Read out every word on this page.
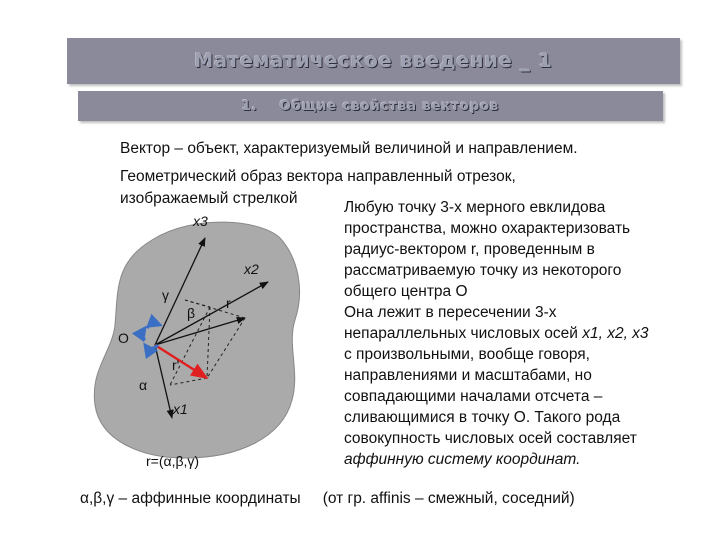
Математическое введение _ 1
1.
Общие свойства векторов
Вектор – объект, характеризуемый величиной и направлением.
Геометрический образ вектора направленный отрезок,
изображаемый стрелкой
x3
x2
x1
О
r
r'
α
β
γ
r=(α,β,γ)
Любую точку 3-х мерного евклидова
пространства, можно охарактеризовать
радиус-вектором r, проведенным в
рассматриваемую точку из некоторого
общего центра О
Она лежит в пересечении 3-х
непараллельных числовых осей x1, x2, x3
с произвольными, вообще говоря,
направлениями и масштабами, но
совпадающими началами отсчета –
сливающимися в точку О. Такого рода
совокупность числовых осей составляет
аффинную систему координат.
α,β,γ – аффинные координаты (от гр. affinis – смежный, соседний)
